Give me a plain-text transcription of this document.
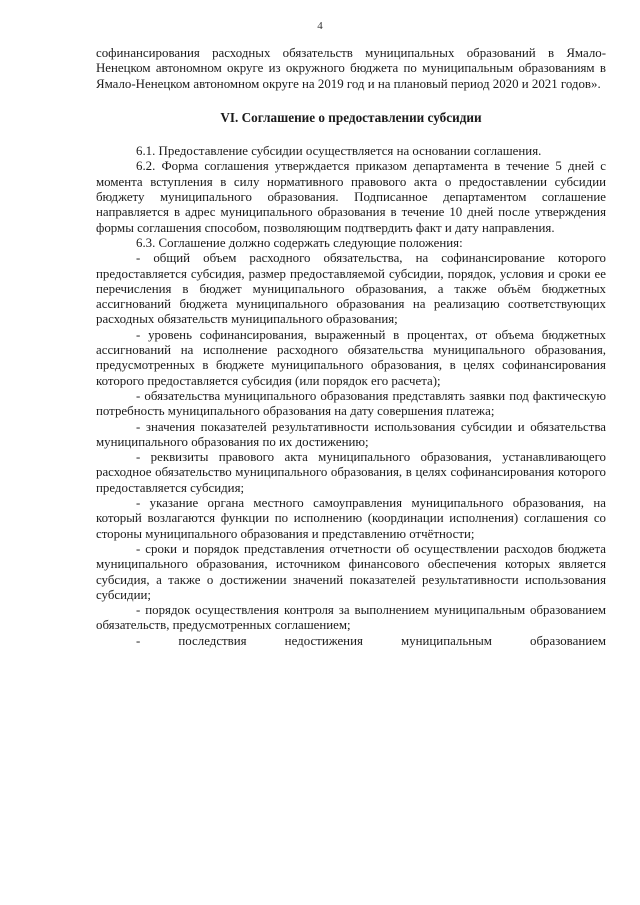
4

софинансирования расходных обязательств муниципальных образований в Ямало-Ненецком автономном округе из окружного бюджета по муниципальным образованиям в Ямало-Ненецком автономном округе на 2019 год и на плановый период 2020 и 2021 годов».

VI. Соглашение о предоставлении субсидии

6.1. Предоставление субсидии осуществляется на основании соглашения.

6.2. Форма соглашения утверждается приказом департамента в течение 5 дней с момента вступления в силу нормативного правового акта о предоставлении субсидии бюджету муниципального образования. Подписанное департаментом соглашение направляется в адрес муниципального образования в течение 10 дней после утверждения формы соглашения способом, позволяющим подтвердить факт и дату направления.

6.3. Соглашение должно содержать следующие положения:

- общий объем расходного обязательства, на софинансирование которого предоставляется субсидия, размер предоставляемой субсидии, порядок, условия и сроки ее перечисления в бюджет муниципального образования, а также объём бюджетных ассигнований бюджета муниципального образования на реализацию соответствующих расходных обязательств муниципального образования;

- уровень софинансирования, выраженный в процентах, от объема бюджетных ассигнований на исполнение расходного обязательства муниципального образования, предусмотренных в бюджете муниципального образования, в целях софинансирования которого предоставляется субсидия (или порядок его расчета);

- обязательства муниципального образования представлять заявки под фактическую потребность муниципального образования на дату совершения платежа;

- значения показателей результативности использования субсидии и обязательства муниципального образования по их достижению;

- реквизиты правового акта муниципального образования, устанавливающего расходное обязательство муниципального образования, в целях софинансирования которого предоставляется субсидия;

- указание органа местного самоуправления муниципального образования, на который возлагаются функции по исполнению (координации исполнения) соглашения со стороны муниципального образования и представлению отчётности;

- сроки и порядок представления отчетности об осуществлении расходов бюджета муниципального образования, источником финансового обеспечения которых является субсидия, а также о достижении значений показателей результативности использования субсидии;

- порядок осуществления контроля за выполнением муниципальным образованием обязательств, предусмотренных соглашением;

- последствия недостижения муниципальным образованием
